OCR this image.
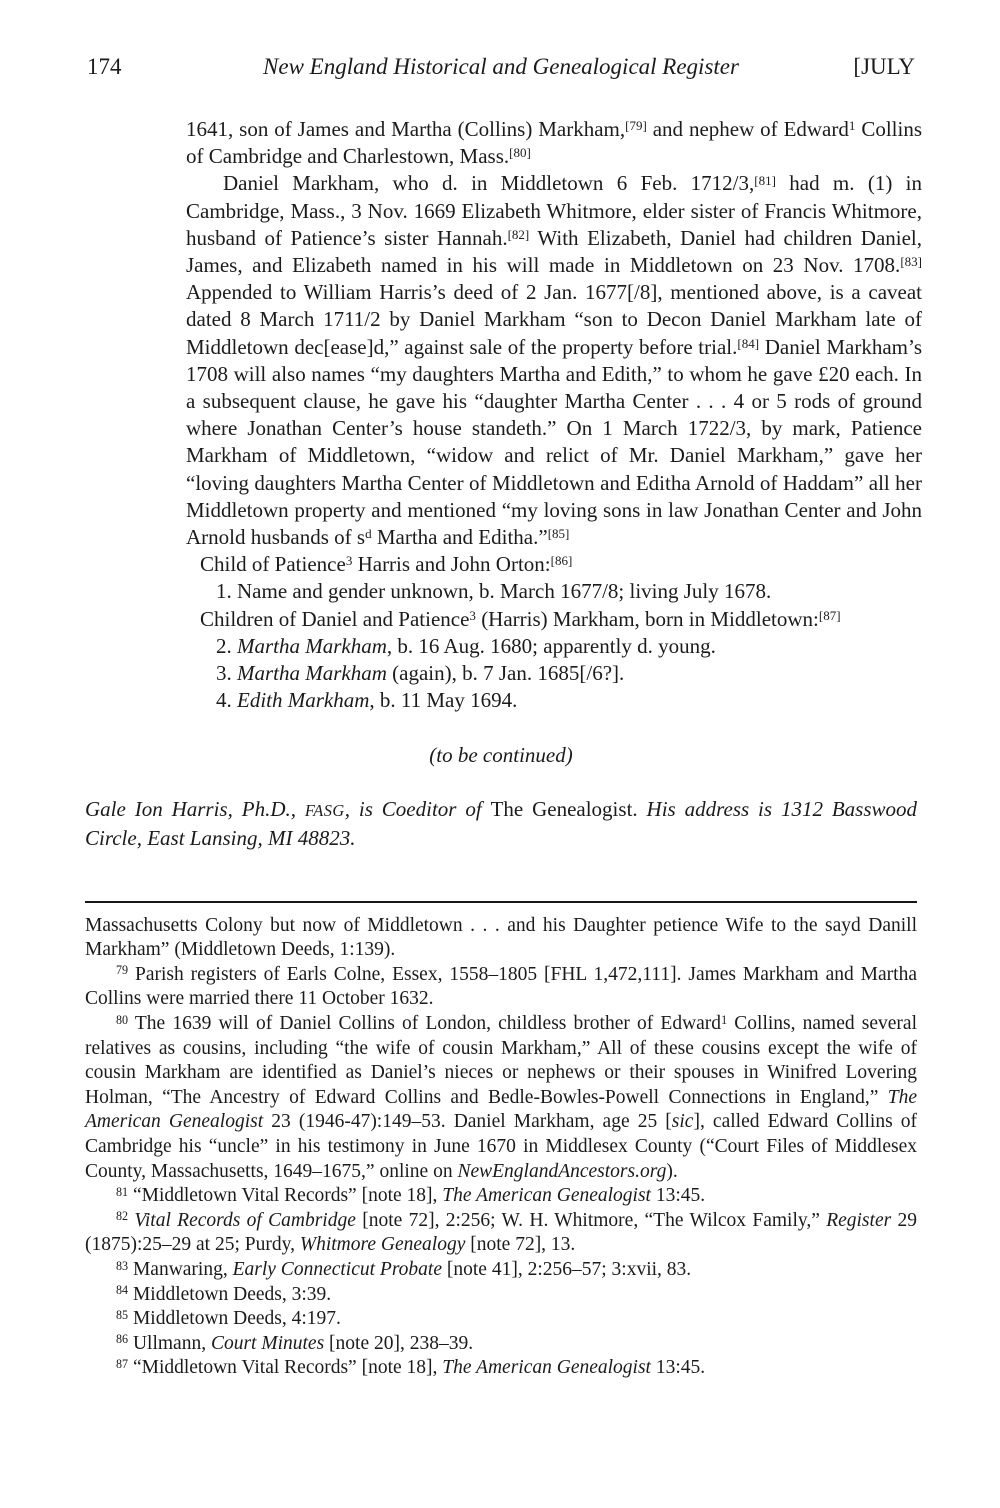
174	New England Historical and Genealogical Register	[JULY

1641, son of James and Martha (Collins) Markham,[79] and nephew of Edward$^1$ Collins of Cambridge and Charlestown, Mass.[80]

Daniel Markham, who d. in Middletown 6 Feb. 1712/3,[81] had m. (1) in Cambridge, Mass., 3 Nov. 1669 Elizabeth Whitmore, elder sister of Francis Whitmore, husband of Patience’s sister Hannah.[82] With Elizabeth, Daniel had children Daniel, James, and Elizabeth named in his will made in Middletown on 23 Nov. 1708.[83] Appended to William Harris’s deed of 2 Jan. 1677[/8], mentioned above, is a caveat dated 8 March 1711/2 by Daniel Markham “son to Decon Daniel Markham late of Middletown dec[ease]d,” against sale of the property before trial.[84] Daniel Markham’s 1708 will also names “my daughters Martha and Edith,” to whom he gave £20 each. In a subsequent clause, he gave his “daughter Martha Center . . . 4 or 5 rods of ground where Jonathan Center’s house standeth.” On 1 March 1722/3, by mark, Patience Markham of Middletown, “widow and relict of Mr. Daniel Markham,” gave her “loving daughters Martha Center of Middletown and Editha Arnold of Haddam” all her Middletown property and mentioned “my loving sons in law Jonathan Center and John Arnold husbands of $s^d$ Martha and Editha.”[85]

Child of Patience$^3$ Harris and John Orton:[86]

1. Name and gender unknown, b. March 1677/8; living July 1678.

Children of Daniel and Patience$^3$ (Harris) Markham, born in Middletown:[87]

2. Martha Markham, b. 16 Aug. 1680; apparently d. young.

3. Martha Markham (again), b. 7 Jan. 1685[/6?].

4. Edith Markham, b. 11 May 1694.

(to be continued)

Gale Ion Harris, Ph.D., FASG, is Coeditor of The Genealogist. His address is 1312 Basswood Circle, East Lansing, MI 48823.

Massachusetts Colony but now of Middletown . . . and his Daughter petience Wife to the sayd Danill Markham” (Middletown Deeds, 1:139).

$^{79}$ Parish registers of Earls Colne, Essex, 1558–1805 [FHL 1,472,111]. James Markham and Martha Collins were married there 11 October 1632.

$^{80}$ The 1639 will of Daniel Collins of London, childless brother of Edward$^1$ Collins, named several relatives as cousins, including “the wife of cousin Markham,” All of these cousins except the wife of cousin Markham are identified as Daniel’s nieces or nephews or their spouses in Winifred Lovering Holman, “The Ancestry of Edward Collins and Bedle-Bowles-Powell Connections in England,” The American Genealogist 23 (1946-47):149–53. Daniel Markham, age 25 [sic], called Edward Collins of Cambridge his “uncle” in his testimony in June 1670 in Middlesex County (“Court Files of Middlesex County, Massachusetts, 1649–1675,” online on NewEnglandAncestors.org).

$^{81}$ “Middletown Vital Records” [note 18], The American Genealogist 13:45.

$^{82}$ Vital Records of Cambridge [note 72], 2:256; W. H. Whitmore, “The Wilcox Family,” Register 29 (1875):25–29 at 25; Purdy, Whitmore Genealogy [note 72], 13.

$^{83}$ Manwaring, Early Connecticut Probate [note 41], 2:256–57; 3:xvii, 83.

$^{84}$ Middletown Deeds, 3:39.

$^{85}$ Middletown Deeds, 4:197.

$^{86}$ Ullmann, Court Minutes [note 20], 238–39.

$^{87}$ “Middletown Vital Records” [note 18], The American Genealogist 13:45.
